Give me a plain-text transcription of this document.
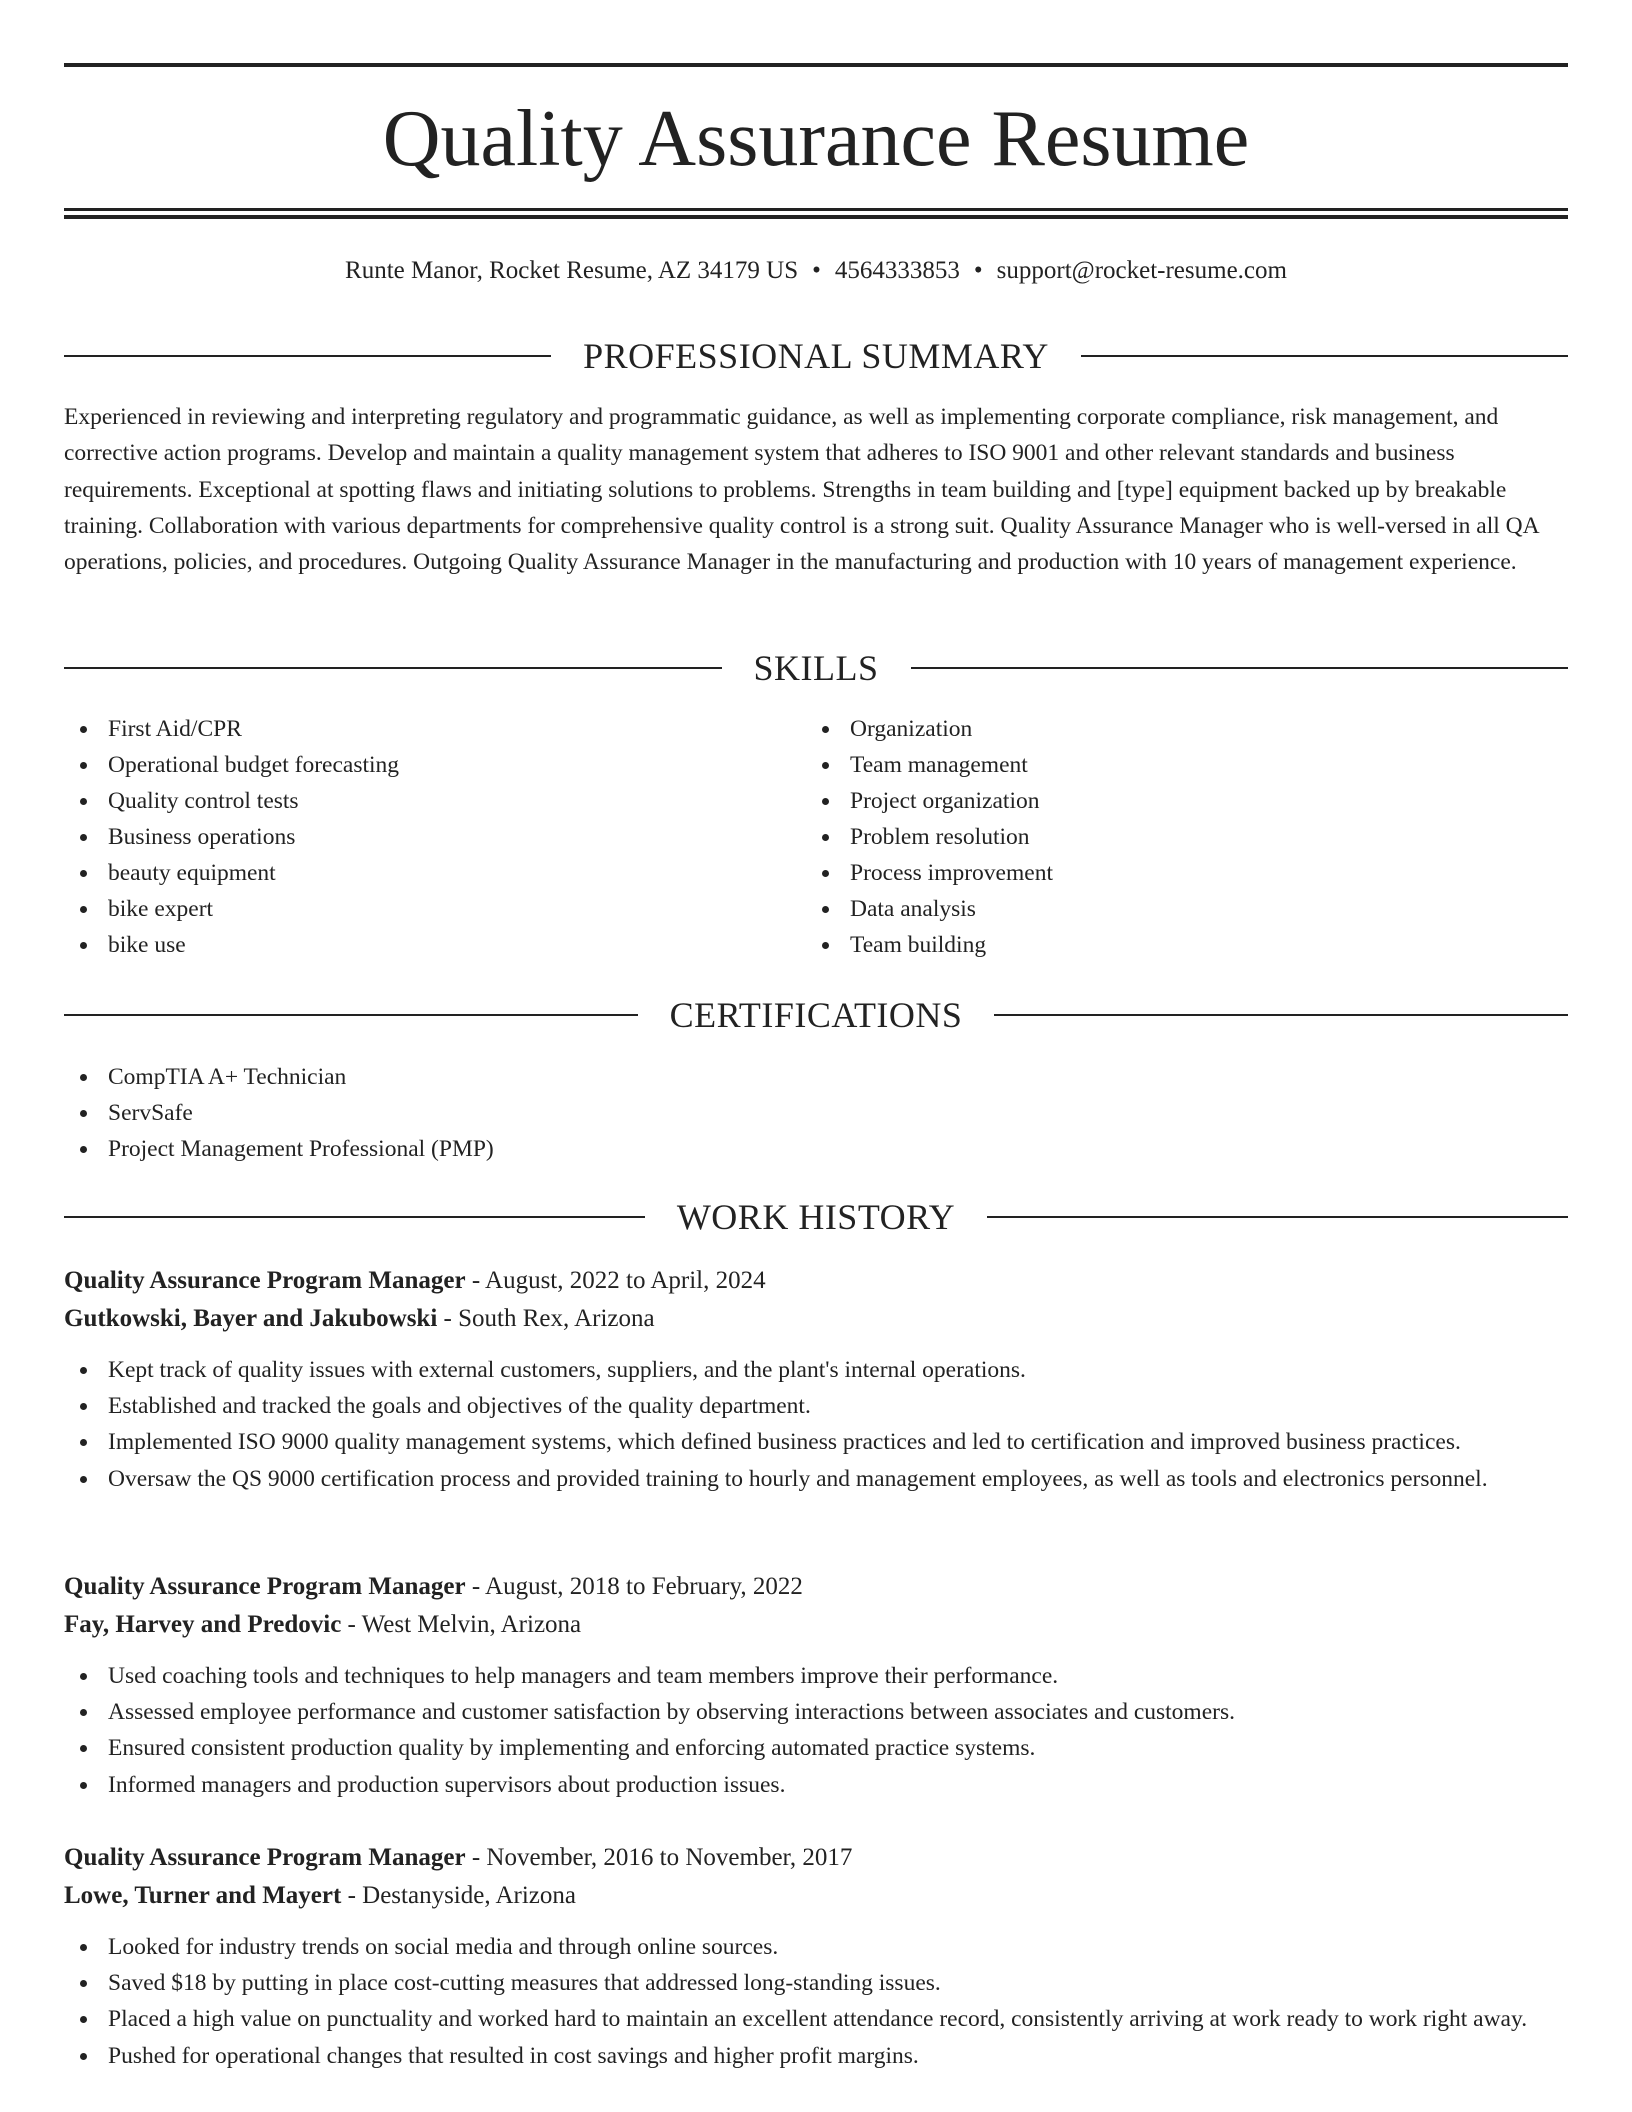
Quality Assurance Resume
Runte Manor, Rocket Resume, AZ 34179 US • 4564333853 • support@rocket-resume.com
PROFESSIONAL SUMMARY

Experienced in reviewing and interpreting regulatory and programmatic guidance, as well as implementing corporate compliance, risk management, and corrective action programs. Develop and maintain a quality management system that adheres to ISO 9001 and other relevant standards and business requirements. Exceptional at spotting flaws and initiating solutions to problems. Strengths in team building and [type] equipment backed up by breakable training. Collaboration with various departments for comprehensive quality control is a strong suit. Quality Assurance Manager who is well-versed in all QA operations, policies, and procedures. Outgoing Quality Assurance Manager in the manufacturing and production with 10 years of management experience.

SKILLS
First Aid/CPR
Operational budget forecasting
Quality control tests
Business operations
beauty equipment
bike expert
bike use
Organization
Team management
Project organization
Problem resolution
Process improvement
Data analysis
Team building
CERTIFICATIONS
CompTIA A+ Technician
ServSafe
Project Management Professional (PMP)
WORK HISTORY
Quality Assurance Program Manager - August, 2022 to April, 2024
Gutkowski, Bayer and Jakubowski - South Rex, Arizona
Kept track of quality issues with external customers, suppliers, and the plant's internal operations.
Established and tracked the goals and objectives of the quality department.
Implemented ISO 9000 quality management systems, which defined business practices and led to certification and improved business practices.
Oversaw the QS 9000 certification process and provided training to hourly and management employees, as well as tools and electronics personnel.
Quality Assurance Program Manager - August, 2018 to February, 2022
Fay, Harvey and Predovic - West Melvin, Arizona
Used coaching tools and techniques to help managers and team members improve their performance.
Assessed employee performance and customer satisfaction by observing interactions between associates and customers.
Ensured consistent production quality by implementing and enforcing automated practice systems.
Informed managers and production supervisors about production issues.
Quality Assurance Program Manager - November, 2016 to November, 2017
Lowe, Turner and Mayert - Destanyside, Arizona
Looked for industry trends on social media and through online sources.
Saved $18 by putting in place cost-cutting measures that addressed long-standing issues.
Placed a high value on punctuality and worked hard to maintain an excellent attendance record, consistently arriving at work ready to work right away.
Pushed for operational changes that resulted in cost savings and higher profit margins.
